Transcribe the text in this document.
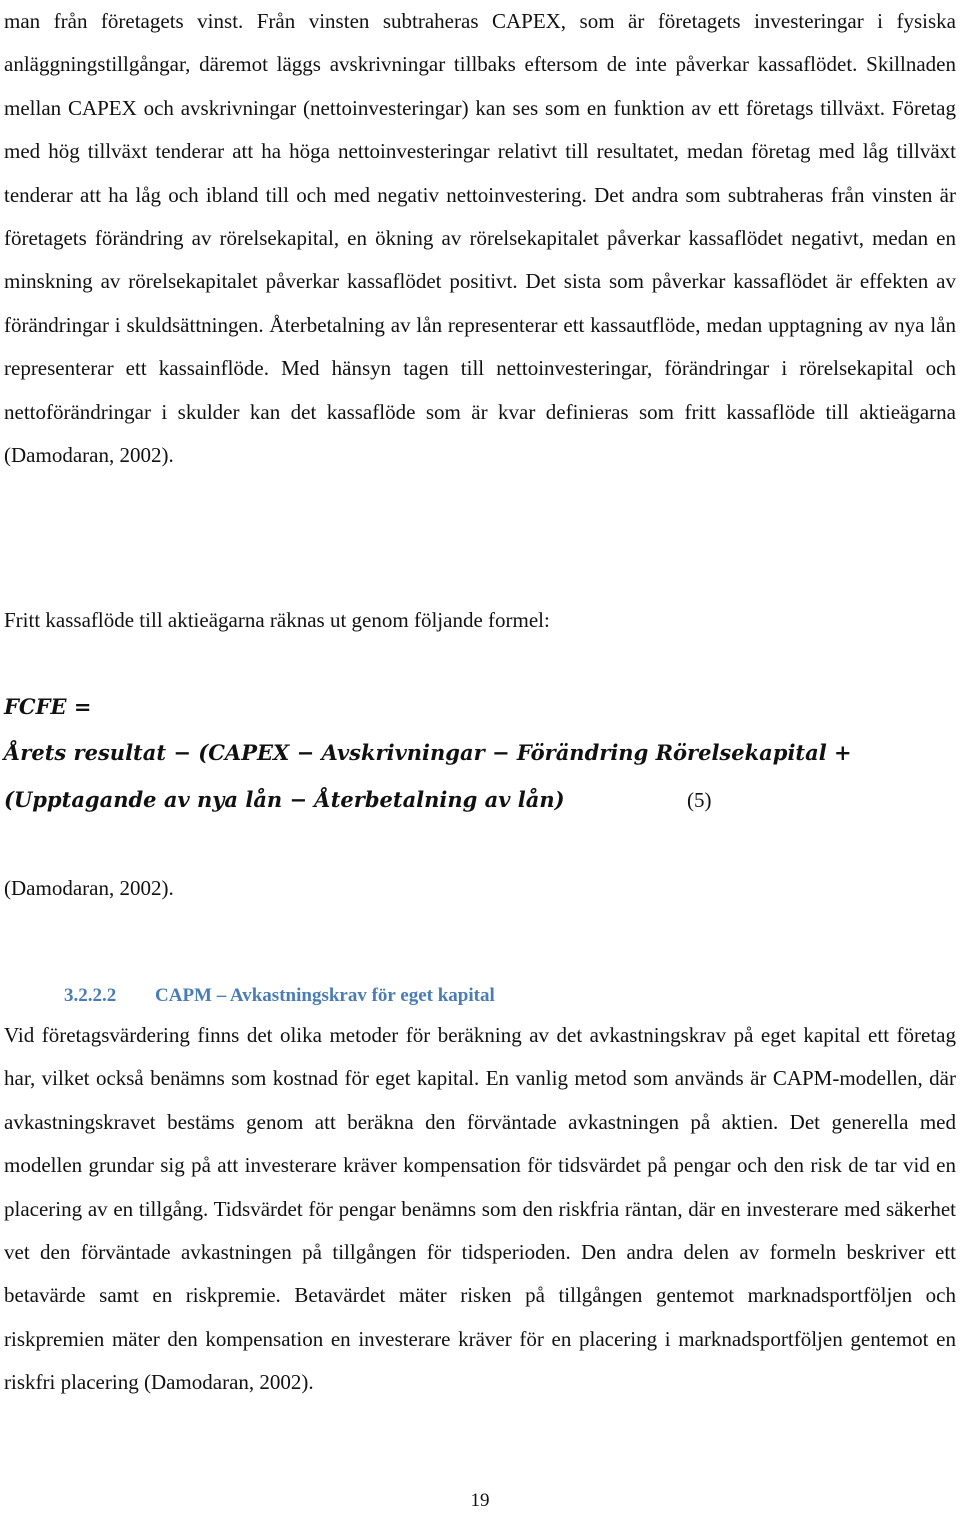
man från företagets vinst. Från vinsten subtraheras CAPEX, som är företagets investeringar i fysiska anläggningstillgångar, däremot läggs avskrivningar tillbaks eftersom de inte påverkar kassaflödet. Skillnaden mellan CAPEX och avskrivningar (nettoinvesteringar) kan ses som en funktion av ett företags tillväxt. Företag med hög tillväxt tenderar att ha höga nettoinvesteringar relativt till resultatet, medan företag med låg tillväxt tenderar att ha låg och ibland till och med negativ nettoinvestering. Det andra som subtraheras från vinsten är företagets förändring av rörelsekapital, en ökning av rörelsekapitalet påverkar kassaflödet negativt, medan en minskning av rörelsekapitalet påverkar kassaflödet positivt. Det sista som påverkar kassaflödet är effekten av förändringar i skuldsättningen. Återbetalning av lån representerar ett kassautflöde, medan upptagning av nya lån representerar ett kassainflöde. Med hänsyn tagen till nettoinvesteringar, förändringar i rörelsekapital och nettoförändringar i skulder kan det kassaflöde som är kvar definieras som fritt kassaflöde till aktieägarna (Damodaran, 2002).

Fritt kassaflöde till aktieägarna räknas ut genom följande formel:

FCFE =
Årets resultat − (CAPEX − Avskrivningar − Förändring Rörelsekapital +
(Upptagande av nya lån − Återbetalning av lån)	(5)

(Damodaran, 2002).

3.2.2.2 CAPM – Avkastningskrav för eget kapital

Vid företagsvärdering finns det olika metoder för beräkning av det avkastningskrav på eget kapital ett företag har, vilket också benämns som kostnad för eget kapital. En vanlig metod som används är CAPM-modellen, där avkastningskravet bestäms genom att beräkna den förväntade avkastningen på aktien. Det generella med modellen grundar sig på att investerare kräver kompensation för tidsvärdet på pengar och den risk de tar vid en placering av en tillgång. Tidsvärdet för pengar benämns som den riskfria räntan, där en investerare med säkerhet vet den förväntade avkastningen på tillgången för tidsperioden. Den andra delen av formeln beskriver ett betavärde samt en riskpremie. Betavärdet mäter risken på tillgången gentemot marknadsportföljen och riskpremien mäter den kompensation en investerare kräver för en placering i marknadsportföljen gentemot en riskfri placering (Damodaran, 2002).

19
